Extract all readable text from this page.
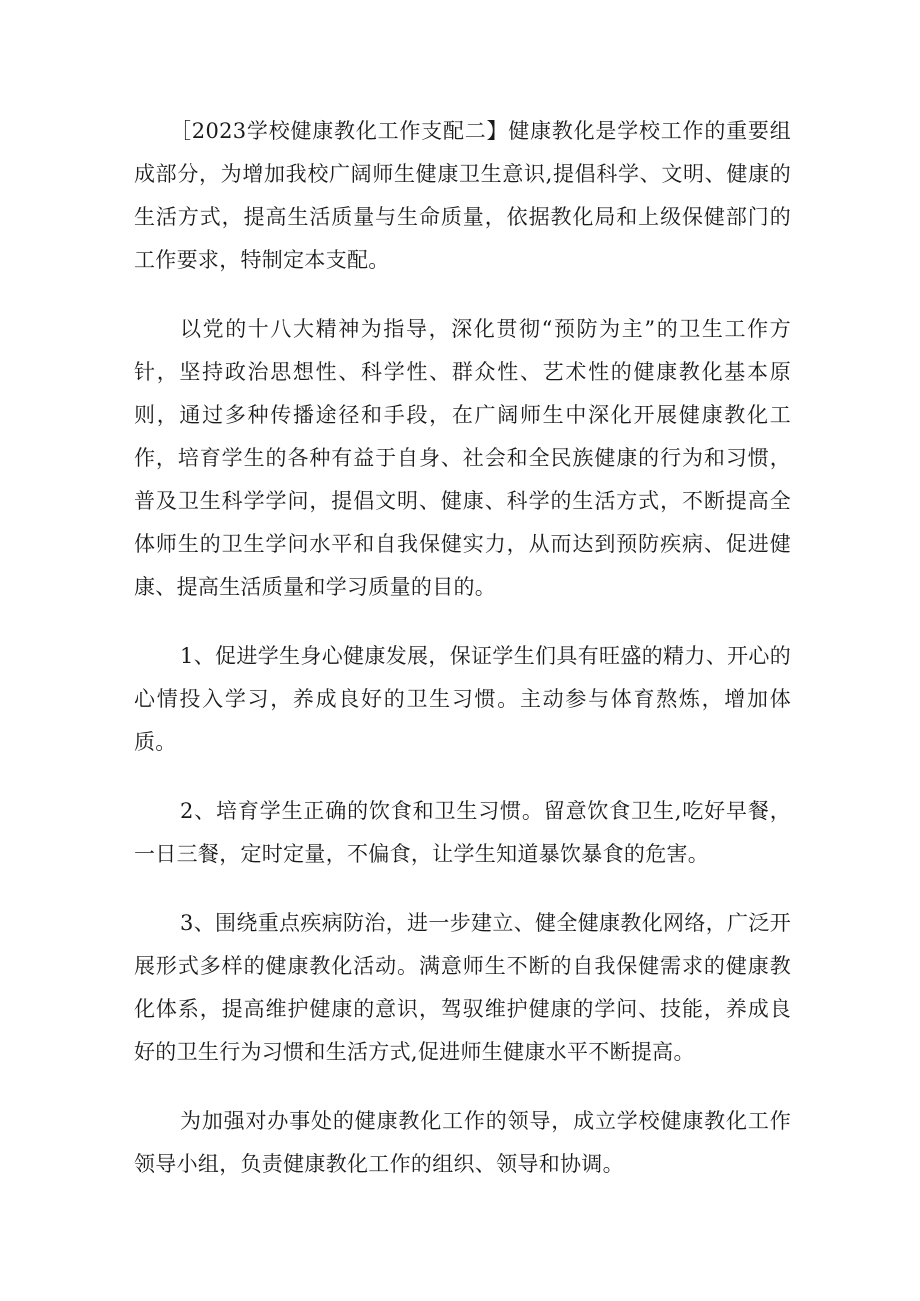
［2023学校健康教化工作支配二】健康教化是学校工作的重要组成部分，为增加我校广阔师生健康卫生意识,提倡科学、文明、健康的生活方式，提高生活质量与生命质量，依据教化局和上级保健部门的工作要求，特制定本支配。

以党的十八大精神为指导，深化贯彻“预防为主”的卫生工作方针，坚持政治思想性、科学性、群众性、艺术性的健康教化基本原则，通过多种传播途径和手段，在广阔师生中深化开展健康教化工作，培育学生的各种有益于自身、社会和全民族健康的行为和习惯，普及卫生科学学问，提倡文明、健康、科学的生活方式，不断提高全体师生的卫生学问水平和自我保健实力，从而达到预防疾病、促进健康、提高生活质量和学习质量的目的。

1、促进学生身心健康发展，保证学生们具有旺盛的精力、开心的心情投入学习，养成良好的卫生习惯。主动参与体育熬炼，增加体质。

2、培育学生正确的饮食和卫生习惯。留意饮食卫生,吃好早餐，一日三餐，定时定量，不偏食，让学生知道暴饮暴食的危害。

3、围绕重点疾病防治，进一步建立、健全健康教化网络，广泛开展形式多样的健康教化活动。满意师生不断的自我保健需求的健康教化体系，提高维护健康的意识，驾驭维护健康的学问、技能，养成良好的卫生行为习惯和生活方式,促进师生健康水平不断提高。

为加强对办事处的健康教化工作的领导，成立学校健康教化工作领导小组，负责健康教化工作的组织、领导和协调。
